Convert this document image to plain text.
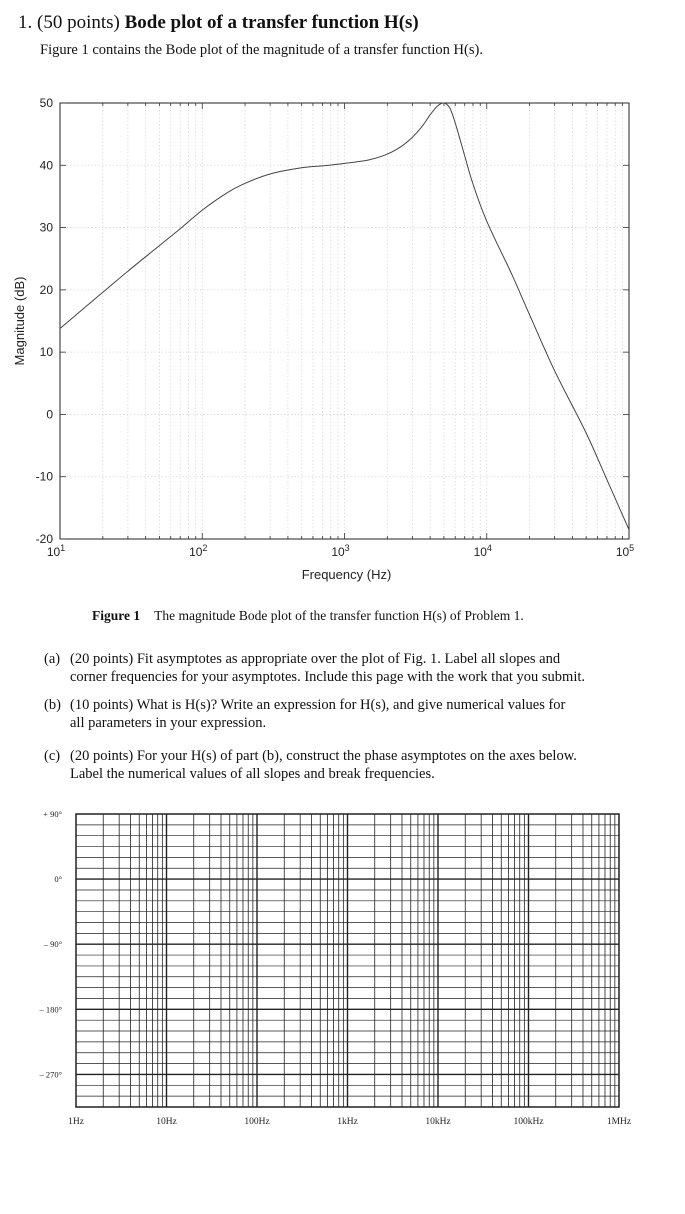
1. (50 points) Bode plot of a transfer function H(s)
Figure 1 contains the Bode plot of the magnitude of a transfer function H(s).
50
40
30
20
10
0
-10
-20
$10^1$	$10^2$	$10^3$	$10^4$	$10^5$
Frequency (Hz)
Magnitude (dB)
Figure 1 The magnitude Bode plot of the transfer function H(s) of Problem 1.
(a) (20 points) Fit asymptotes as appropriate over the plot of Fig. 1. Label all slopes and
corner frequencies for your asymptotes. Include this page with the work that you submit.
(b) (10 points) What is H(s)? Write an expression for H(s), and give numerical values for
all parameters in your expression.
(c) (20 points) For your H(s) of part (b), construct the phase asymptotes on the axes below.
Label the numerical values of all slopes and break frequencies.
+ 90°
0°
– 90°
– 180°
– 270°
1Hz	10Hz	100Hz	1kHz	10kHz	100kHz	1MHz
